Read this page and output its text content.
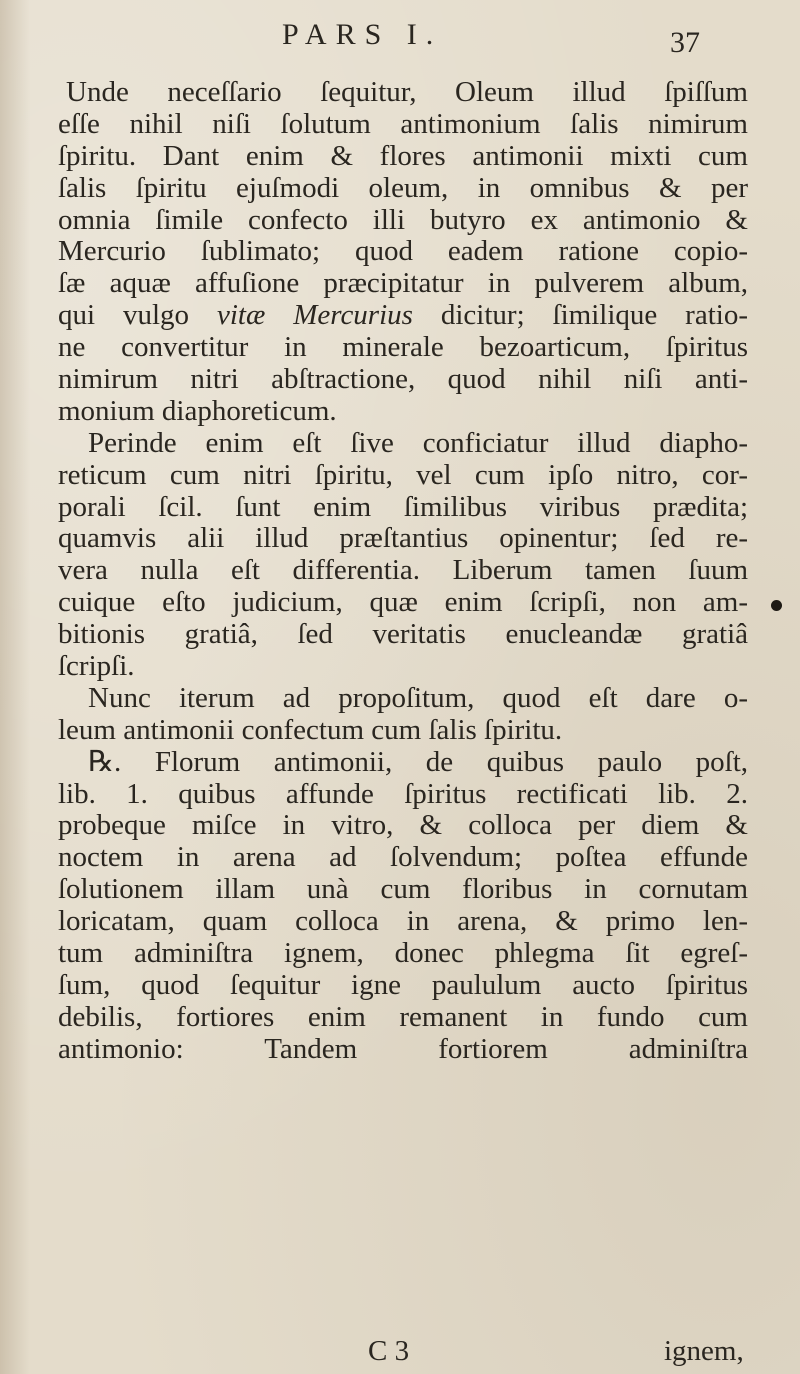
PARS I.	37
Unde neceſſario ſequitur, Oleum illud ſpiſſum
eſſe nihil niſi ſolutum antimonium ſalis nimirum
ſpiritu. Dant enim & flores antimonii mixti cum
ſalis ſpiritu ejuſmodi oleum, in omnibus & per
omnia ſimile confecto illi butyro ex antimonio &
Mercurio ſublimato; quod eadem ratione copio-
ſæ aquæ affuſione præcipitatur in pulverem album,
qui vulgo vitæ Mercurius dicitur; ſimilique ratio-
ne convertitur in minerale bezoarticum, ſpiritus
nimirum nitri abſtractione, quod nihil niſi anti-
monium diaphoreticum.
Perinde enim eſt ſive conficiatur illud diapho-
reticum cum nitri ſpiritu, vel cum ipſo nitro, cor-
porali ſcil. ſunt enim ſimilibus viribus prædita;
quamvis alii illud præſtantius opinentur; ſed re-
vera nulla eſt differentia. Liberum tamen ſuum
cuique eſto judicium, quæ enim ſcripſi, non am-
bitionis gratiâ, ſed veritatis enucleandæ gratiâ
ſcripſi.
Nunc iterum ad propoſitum, quod eſt dare o-
leum antimonii confectum cum ſalis ſpiritu.
℞. Florum antimonii, de quibus paulo poſt,
lib. 1. quibus affunde ſpiritus rectificati lib. 2.
probeque miſce in vitro, & colloca per diem &
noctem in arena ad ſolvendum; poſtea effunde
ſolutionem illam unà cum floribus in cornutam
loricatam, quam colloca in arena, & primo len-
tum adminiſtra ignem, donec phlegma ſit egreſ-
ſum, quod ſequitur igne paululum aucto ſpiritus
debilis, fortiores enim remanent in fundo cum
antimonio: Tandem fortiorem adminiſtra
C 3	ignem,
